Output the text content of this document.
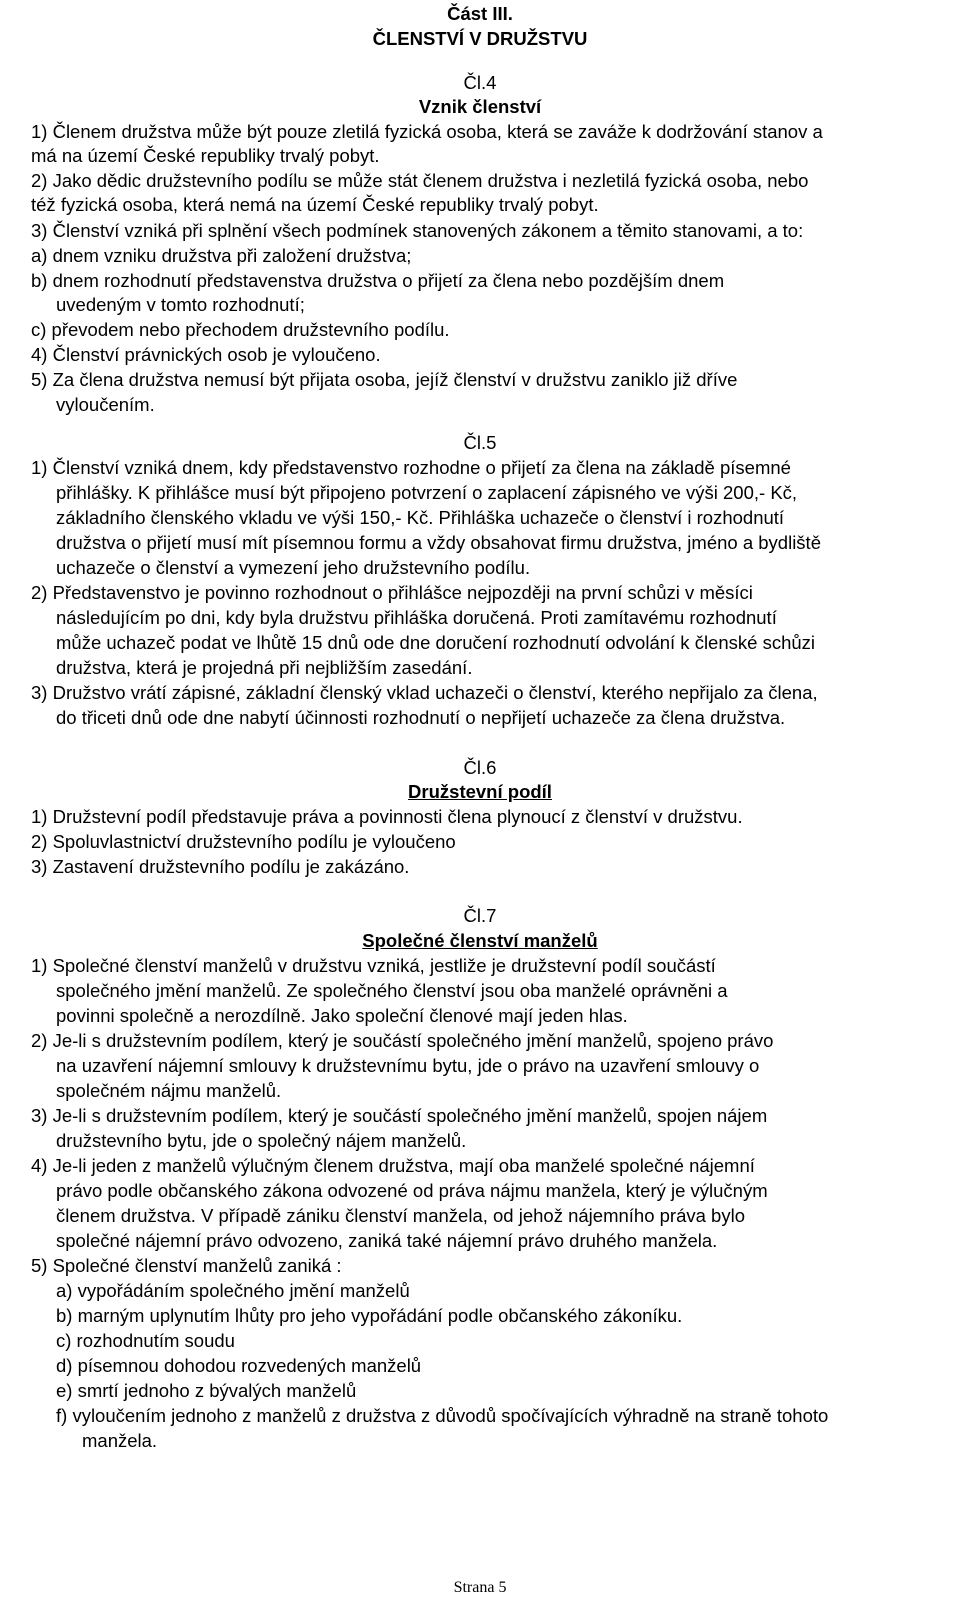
Část III.
ČLENSTVÍ V DRUŽSTVU
Čl.4
Vznik členství
1) Členem družstva může být pouze zletilá fyzická osoba, která se zaváže k dodržování stanov a
má na území České republiky trvalý pobyt.
2) Jako dědic družstevního podílu se může stát členem družstva i nezletilá fyzická osoba, nebo
též fyzická osoba, která nemá na území České republiky trvalý pobyt.
3) Členství vzniká při splnění všech podmínek stanovených zákonem a těmito stanovami, a to:
a) dnem vzniku družstva při založení družstva;
b) dnem rozhodnutí představenstva družstva o přijetí za člena nebo pozdějším dnem
uvedeným v tomto rozhodnutí;
c) převodem nebo přechodem družstevního podílu.
4) Členství právnických osob je vyloučeno.
5) Za člena družstva nemusí být přijata osoba, jejíž členství v družstvu zaniklo již dříve
vyloučením.
Čl.5
1) Členství vzniká dnem, kdy představenstvo rozhodne o přijetí za člena na základě písemné
přihlášky. K přihlášce musí být připojeno potvrzení o zaplacení zápisného ve výši 200,- Kč,
základního členského vkladu ve výši 150,- Kč. Přihláška uchazeče o členství i rozhodnutí
družstva o přijetí musí mít písemnou formu a vždy obsahovat firmu družstva, jméno a bydliště
uchazeče o členství a vymezení jeho družstevního podílu.
2) Představenstvo je povinno rozhodnout o přihlášce nejpozději na první schůzi v měsíci
následujícím po dni, kdy byla družstvu přihláška doručená. Proti zamítavému rozhodnutí
může uchazeč podat ve lhůtě 15 dnů ode dne doručení rozhodnutí odvolání k členské schůzi
družstva, která je projedná při nejbližším zasedání.
3) Družstvo vrátí zápisné, základní členský vklad uchazeči o členství, kterého nepřijalo za člena,
do třiceti dnů ode dne nabytí účinnosti rozhodnutí o nepřijetí uchazeče za člena družstva.
Čl.6
Družstevní podíl
1) Družstevní podíl představuje práva a povinnosti člena plynoucí z členství v družstvu.
2) Spoluvlastnictví družstevního podílu je vyloučeno
3) Zastavení družstevního podílu je zakázáno.
Čl.7
Společné členství manželů
1) Společné členství manželů v družstvu vzniká, jestliže je družstevní podíl součástí
společného jmění manželů. Ze společného členství jsou oba manželé oprávněni a
povinni společně a nerozdílně. Jako společní členové mají jeden hlas.
2) Je-li s družstevním podílem, který je součástí společného jmění manželů, spojeno právo
na uzavření nájemní smlouvy k družstevnímu bytu, jde o právo na uzavření smlouvy o
společném nájmu manželů.
3) Je-li s družstevním podílem, který je součástí společného jmění manželů, spojen nájem
družstevního bytu, jde o společný nájem manželů.
4) Je-li jeden z manželů výlučným členem družstva, mají oba manželé společné nájemní
právo podle občanského zákona odvozené od práva nájmu manžela, který je výlučným
členem družstva. V případě zániku členství manžela, od jehož nájemního práva bylo
společné nájemní právo odvozeno, zaniká také nájemní právo druhého manžela.
5) Společné členství manželů zaniká :
a) vypořádáním společného jmění manželů
b) marným uplynutím lhůty pro jeho vypořádání podle občanského zákoníku.
c) rozhodnutím soudu
d) písemnou dohodou rozvedených manželů
e) smrtí jednoho z bývalých manželů
f) vyloučením jednoho z manželů z družstva z důvodů spočívajících výhradně na straně tohoto
manžela.
Strana 5
